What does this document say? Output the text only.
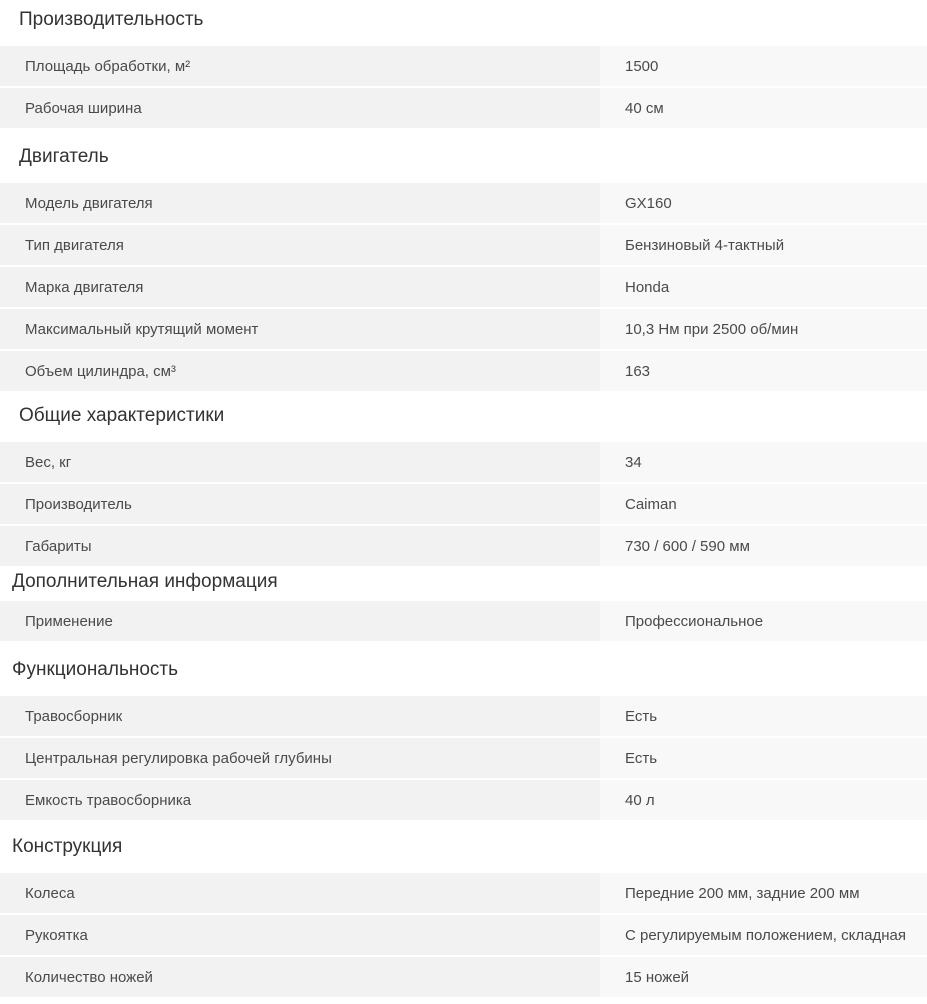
Производительность
Площадь обработки, м²	1500
Рабочая ширина	40 см
Двигатель
Модель двигателя	GX160
Тип двигателя	Бензиновый 4-тактный
Марка двигателя	Honda
Максимальный крутящий момент	10,3 Нм при 2500 об/мин
Объем цилиндра, см³	163
Общие характеристики
Вес, кг	34
Производитель	Caiman
Габариты	730 / 600 / 590 мм
Дополнительная информация
Применение	Профессиональное
Функциональность
Травосборник	Есть
Центральная регулировка рабочей глубины	Есть
Емкость травосборника	40 л
Конструкция
Колеса	Передние 200 мм, задние 200 мм
Рукоятка	С регулируемым положением, складная
Количество ножей	15 ножей
